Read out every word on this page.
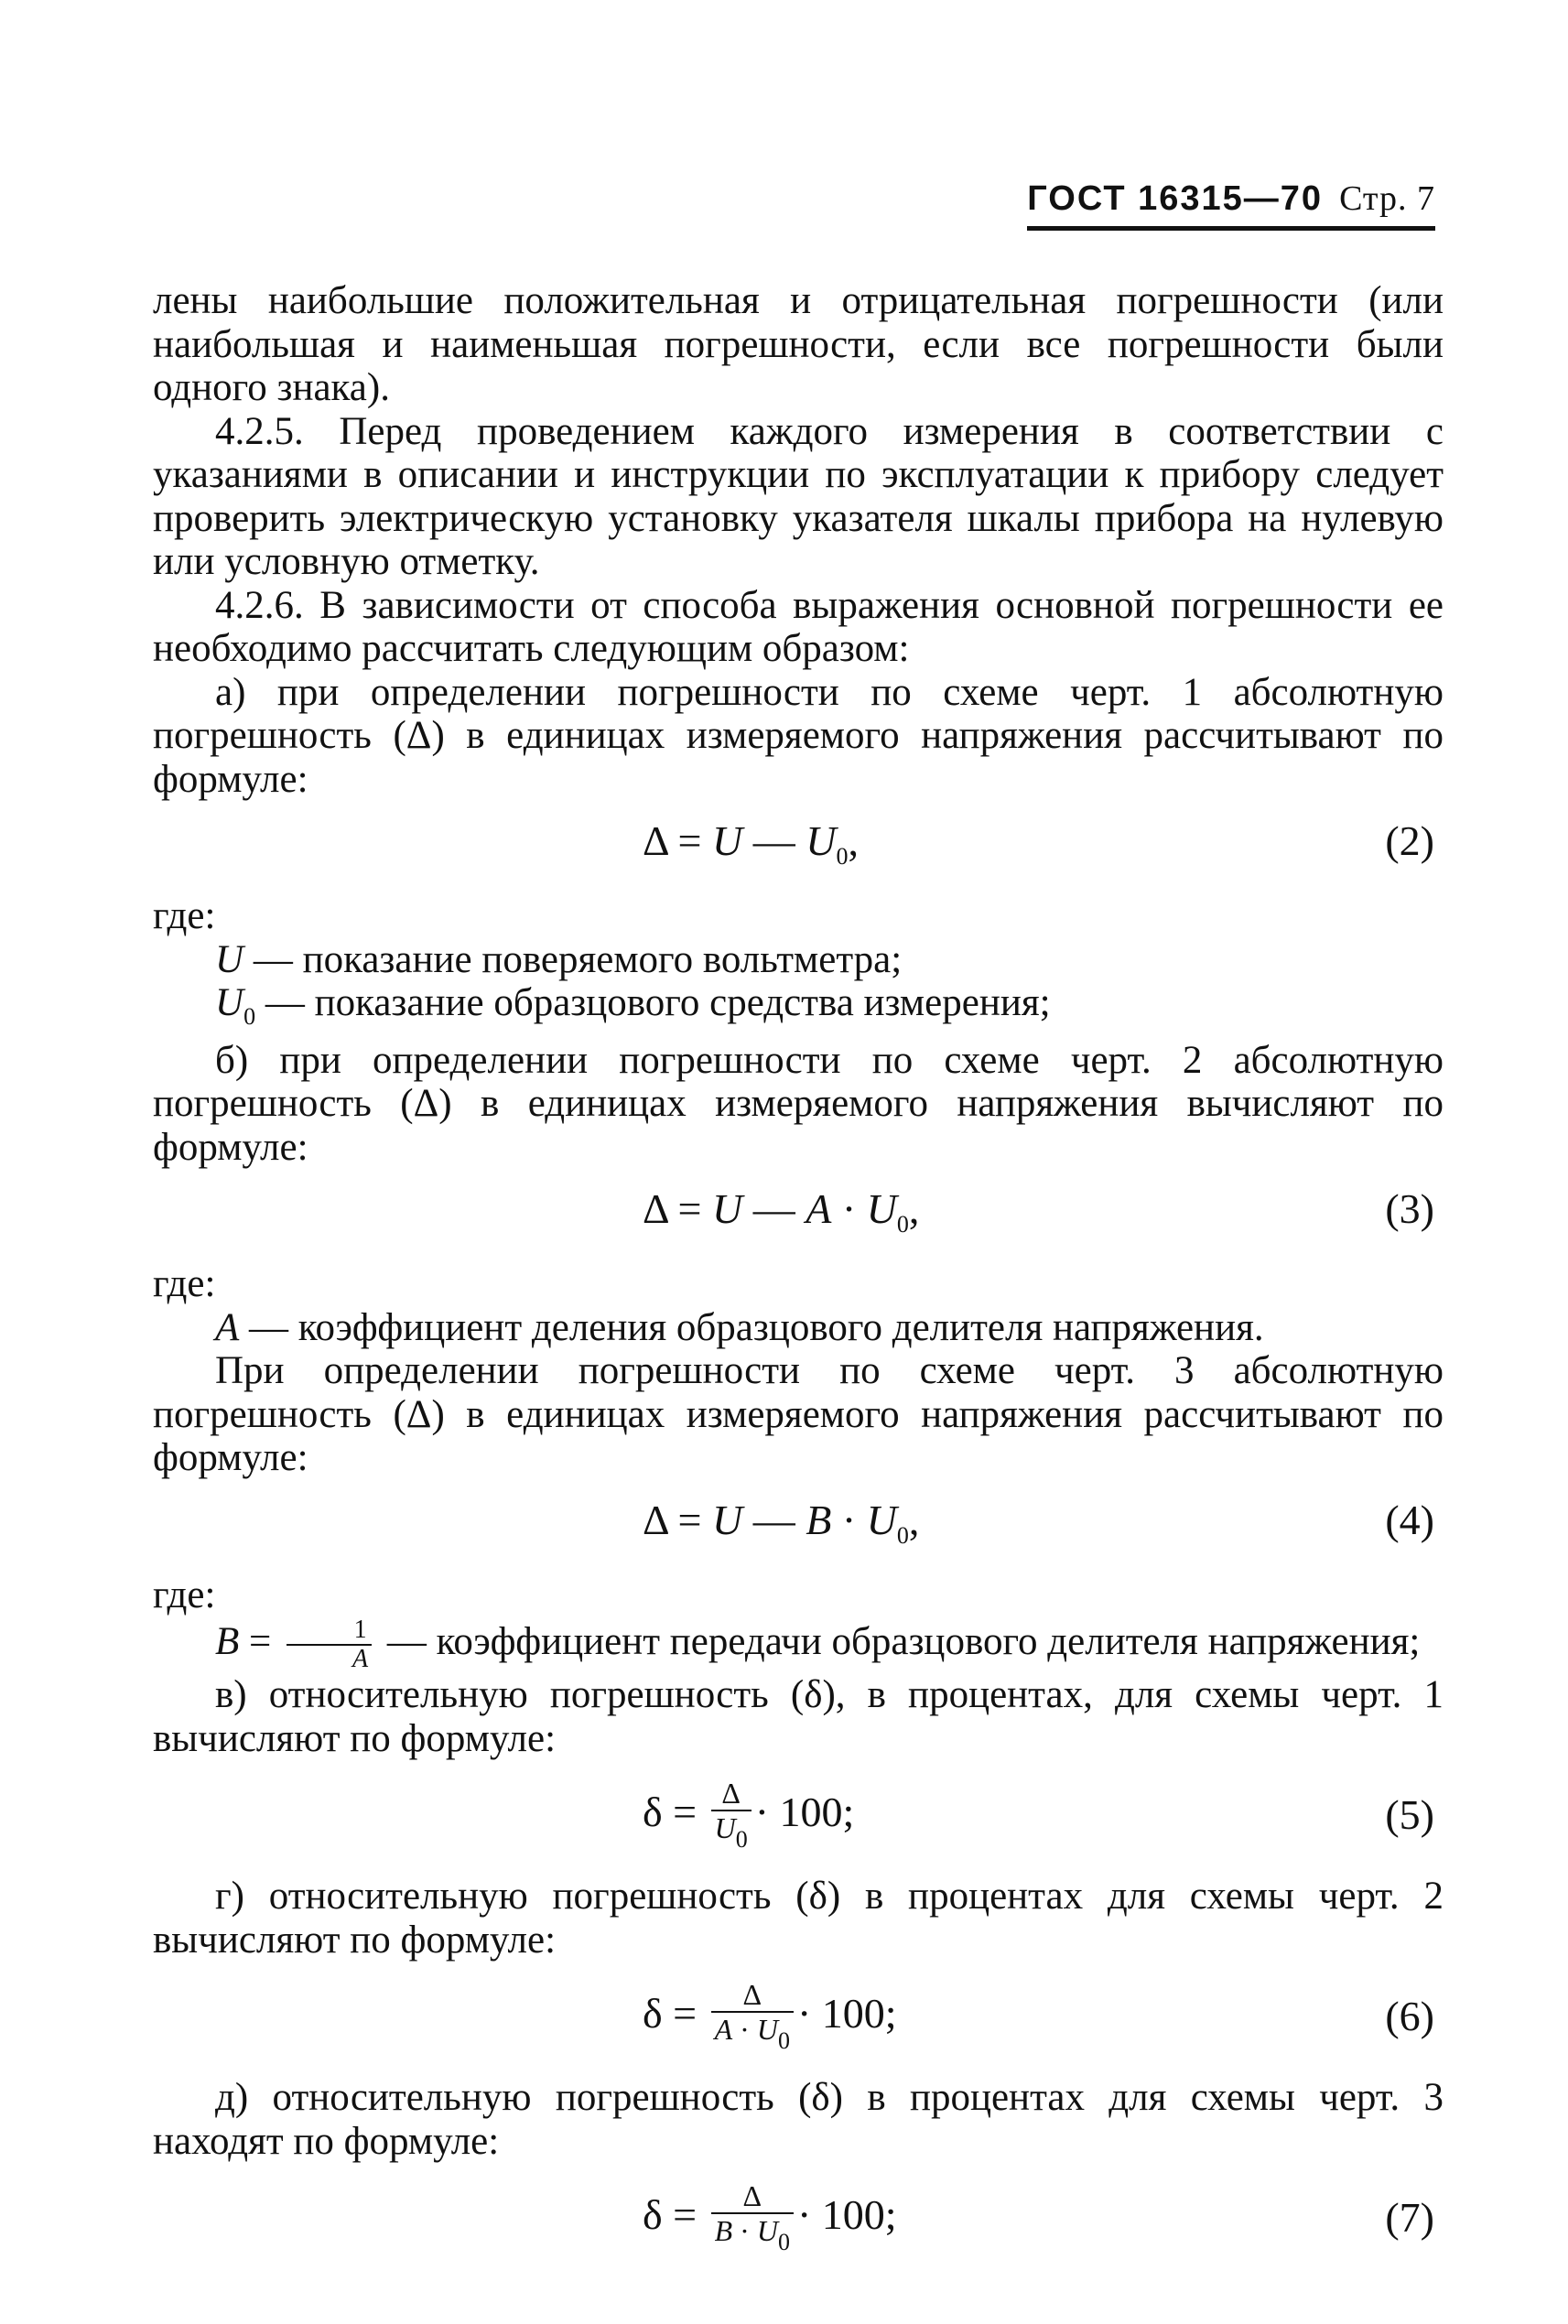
ГОСТ 16315—70 Стр. 7

лены наибольшие положительная и отрицательная погрешности (или наибольшая и наименьшая погрешности, если все погрешности были одного знака).

4.2.5. Перед проведением каждого измерения в соответствии с указаниями в описании и инструкции по эксплуатации к прибору следует проверить электрическую установку указателя шкалы прибора на нулевую или условную отметку.

4.2.6. В зависимости от способа выражения основной погрешности ее необходимо рассчитать следующим образом:

а) при определении погрешности по схеме черт. 1 абсолютную погрешность (Δ) в единицах измеряемого напряжения рассчитывают по формуле:

Δ = U — $U_0$,	(2)

где:

U — показание поверяемого вольтметра;

$U_0$ — показание образцового средства измерения;

б) при определении погрешности по схеме черт. 2 абсолютную погрешность (Δ) в единицах измеряемого напряжения вычисляют по формуле:

Δ = U — $A \cdot U_0$,	(3)

где:

A — коэффициент деления образцового делителя напряжения.

При определении погрешности по схеме черт. 3 абсолютную погрешность (Δ) в единицах измеряемого напряжения рассчитывают по формуле:

Δ = U — $B \cdot U_0$,	(4)

где:

$B = \frac{1}{A}$ — коэффициент передачи образцового делителя напряжения;

в) относительную погрешность (δ), в процентах, для схемы черт. 1 вычисляют по формуле:

$\delta = \frac{\Delta}{U_0} \cdot 100$;	(5)

г) относительную погрешность (δ) в процентах для схемы черт. 2 вычисляют по формуле:

$\delta = \frac{\Delta}{A \cdot U_0} \cdot 100$;	(6)

д) относительную погрешность (δ) в процентах для схемы черт. 3 находят по формуле:

$\delta = \frac{\Delta}{B \cdot U_0} \cdot 100$;	(7)
